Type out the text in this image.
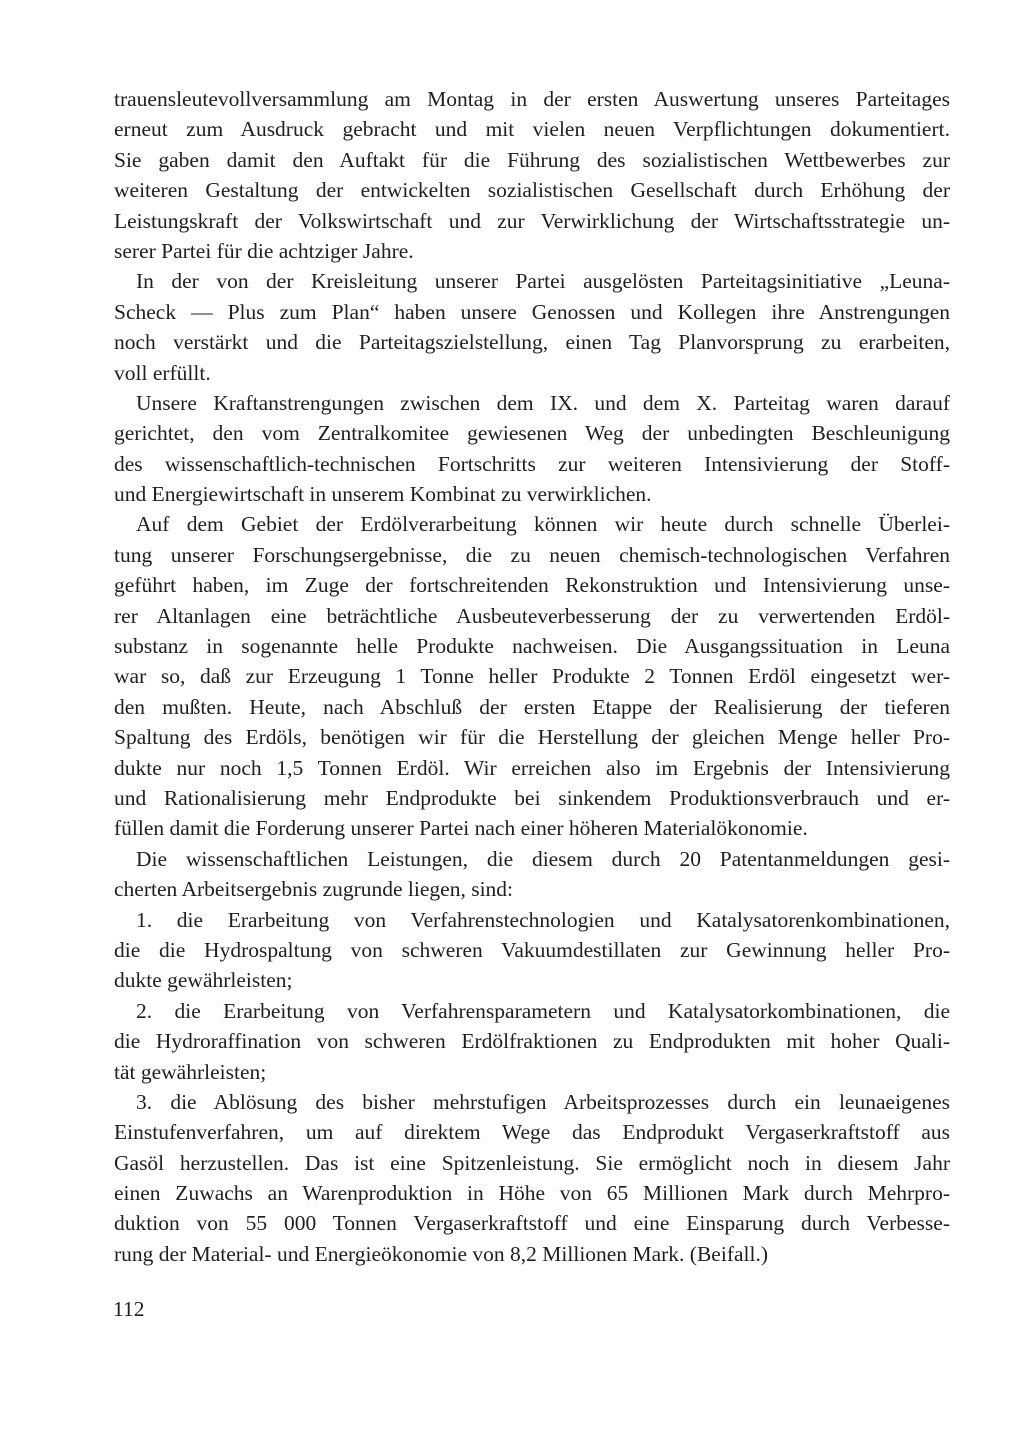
trauensleutevollversammlung am Montag in der ersten Auswertung unseres Parteitages
erneut zum Ausdruck gebracht und mit vielen neuen Verpflichtungen dokumentiert.
Sie gaben damit den Auftakt für die Führung des sozialistischen Wettbewerbes zur
weiteren Gestaltung der entwickelten sozialistischen Gesellschaft durch Erhöhung der
Leistungskraft der Volkswirtschaft und zur Verwirklichung der Wirtschaftsstrategie un-
serer Partei für die achtziger Jahre.
In der von der Kreisleitung unserer Partei ausgelösten Parteitagsinitiative „Leuna-
Scheck — Plus zum Plan“ haben unsere Genossen und Kollegen ihre Anstrengungen
noch verstärkt und die Parteitagszielstellung, einen Tag Planvorsprung zu erarbeiten,
voll erfüllt.
Unsere Kraftanstrengungen zwischen dem IX. und dem X. Parteitag waren darauf
gerichtet, den vom Zentralkomitee gewiesenen Weg der unbedingten Beschleunigung
des wissenschaftlich-technischen Fortschritts zur weiteren Intensivierung der Stoff-
und Energiewirtschaft in unserem Kombinat zu verwirklichen.
Auf dem Gebiet der Erdölverarbeitung können wir heute durch schnelle Überlei-
tung unserer Forschungsergebnisse, die zu neuen chemisch-technologischen Verfahren
geführt haben, im Zuge der fortschreitenden Rekonstruktion und Intensivierung unse-
rer Altanlagen eine beträchtliche Ausbeuteverbesserung der zu verwertenden Erdöl-
substanz in sogenannte helle Produkte nachweisen. Die Ausgangssituation in Leuna
war so, daß zur Erzeugung 1 Tonne heller Produkte 2 Tonnen Erdöl eingesetzt wer-
den mußten. Heute, nach Abschluß der ersten Etappe der Realisierung der tieferen
Spaltung des Erdöls, benötigen wir für die Herstellung der gleichen Menge heller Pro-
dukte nur noch 1,5 Tonnen Erdöl. Wir erreichen also im Ergebnis der Intensivierung
und Rationalisierung mehr Endprodukte bei sinkendem Produktionsverbrauch und er-
füllen damit die Forderung unserer Partei nach einer höheren Materialökonomie.
Die wissenschaftlichen Leistungen, die diesem durch 20 Patentanmeldungen gesi-
cherten Arbeitsergebnis zugrunde liegen, sind:
1. die Erarbeitung von Verfahrenstechnologien und Katalysatorenkombinationen,
die die Hydrospaltung von schweren Vakuumdestillaten zur Gewinnung heller Pro-
dukte gewährleisten;
2. die Erarbeitung von Verfahrensparametern und Katalysatorkombinationen, die
die Hydroraffination von schweren Erdölfraktionen zu Endprodukten mit hoher Quali-
tät gewährleisten;
3. die Ablösung des bisher mehrstufigen Arbeitsprozesses durch ein leunaeigenes
Einstufenverfahren, um auf direktem Wege das Endprodukt Vergaserkraftstoff aus
Gasöl herzustellen. Das ist eine Spitzenleistung. Sie ermöglicht noch in diesem Jahr
einen Zuwachs an Warenproduktion in Höhe von 65 Millionen Mark durch Mehrpro-
duktion von 55 000 Tonnen Vergaserkraftstoff und eine Einsparung durch Verbesse-
rung der Material- und Energieökonomie von 8,2 Millionen Mark. (Beifall.)
112
